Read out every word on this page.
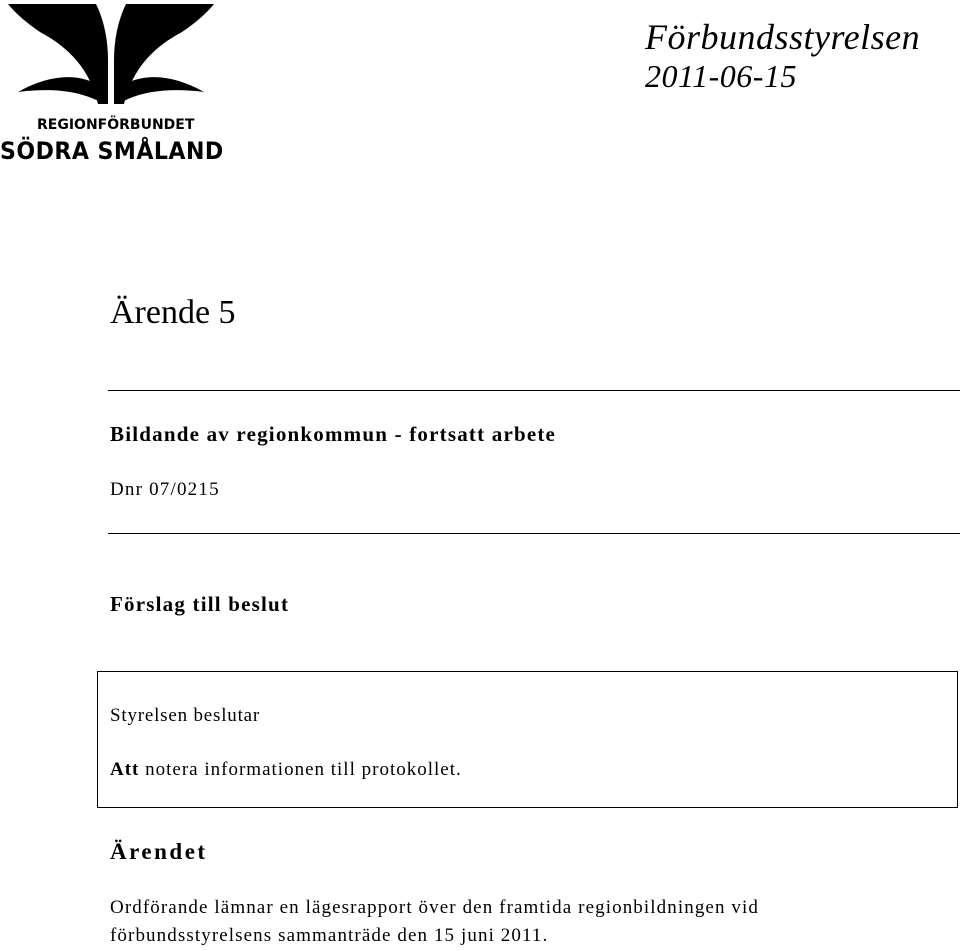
REGIONFÖRBUNDET
SÖDRA SMÅLAND
Förbundsstyrelsen
2011-06-15
Ärende 5
Bildande av regionkommun - fortsatt arbete
Dnr 07/0215
Förslag till beslut
Styrelsen beslutar
Att notera informationen till protokollet.
Ärendet
Ordförande lämnar en lägesrapport över den framtida regionbildningen vid
förbundsstyrelsens sammanträde den 15 juni 2011.
